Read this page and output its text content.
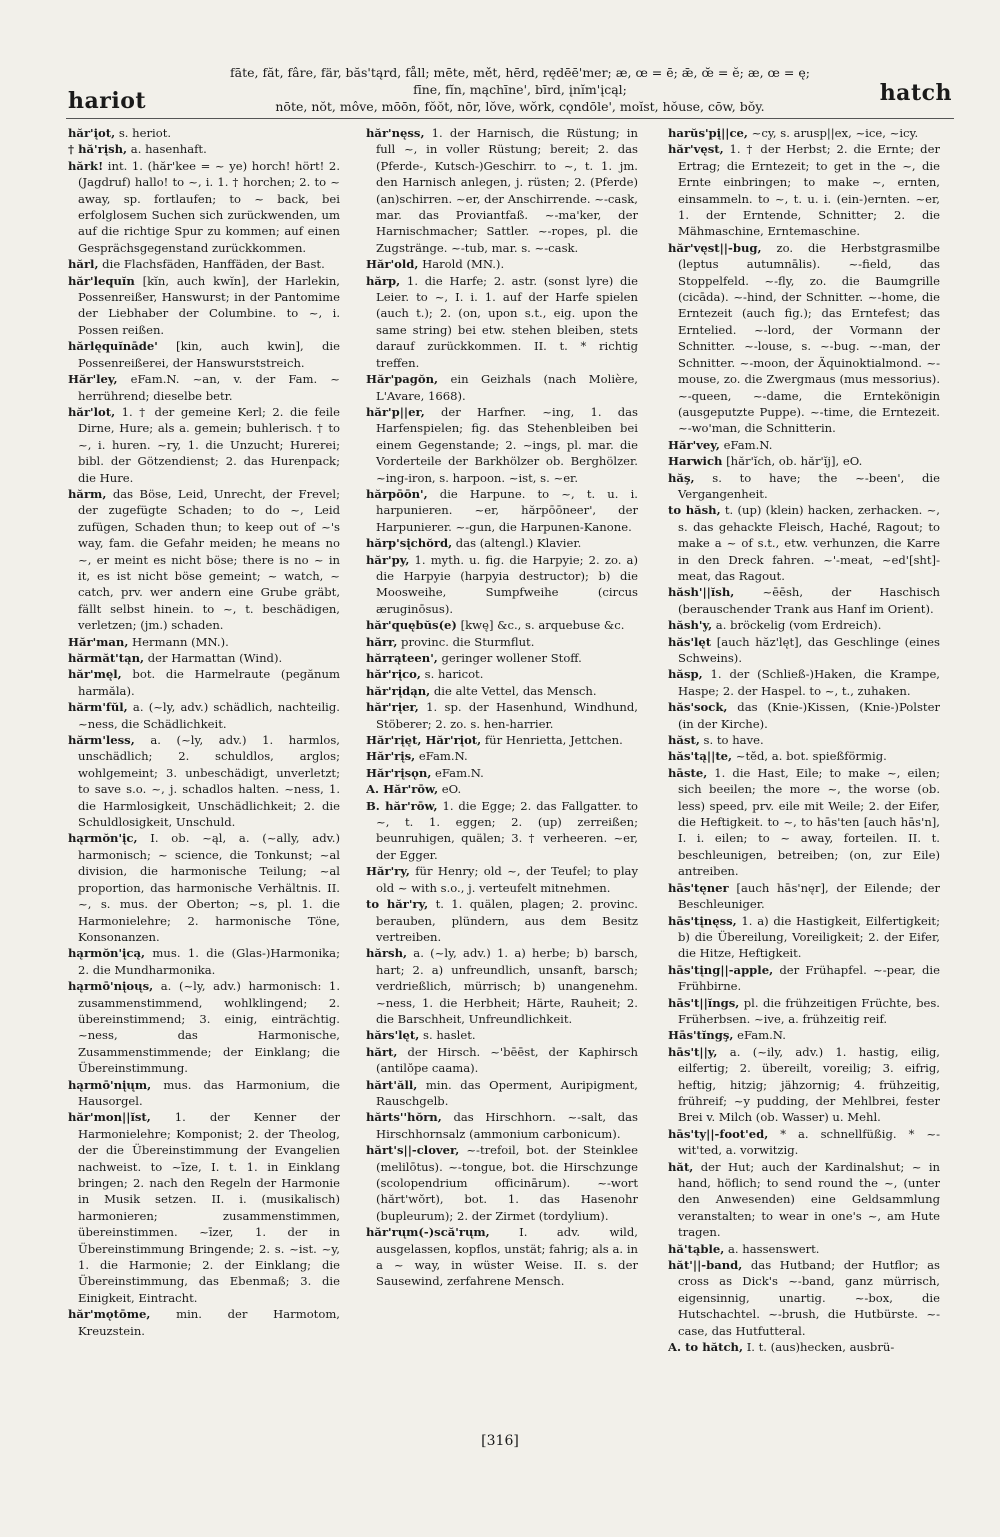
hariot
fāte, făt, fâre, fär, băs'tąrd, fåll; mēte, mět, hērd, rędēē'mer; æ, œ = ē; ǣ, œ̆ = ĕ; æ, œ = ę;
fīne, fĭn, mąchīne', bīrd, įnĭm'įcąl;
nōte, nŏt, môve, mōōn, fŏŏt, nōr, lŏve, wŏrk, cǫndōle', moĭst, hŏuse, cōw, bŏy.
hatch

hăr'įot, s. heriot.

† hă'rįsh, a. hasenhaft.

hărk! int. 1. (hăr'kee = ~ ye) horch! hört! 2. (Jagdruf) hallo! to ~, i. 1. † horchen; 2. to ~ away, sp. fortlaufen; to ~ back, bei erfolglosem Suchen sich zurückwenden, um auf die richtige Spur zu kommen; auf einen Gesprächsgegenstand zurückkommen.

hărl, die Flachsfäden, Hanffäden, der Bast.

hăr'lequĭn [kĭn, auch kwĭn], der Harlekin, Possenreißer, Hanswurst; in der Pantomime der Liebhaber der Columbine. to ~, i. Possen reißen.

hărlęquĭnāde' [kin, auch kwin], die Possenreißerei, der Hanswurststreich.

Hăr'ley, eFam.N. ~an, v. der Fam. ~ herrührend; dieselbe betr.

hăr'lot, 1. † der gemeine Kerl; 2. die feile Dirne, Hure; als a. gemein; buhlerisch. † to ~, i. huren. ~ry, 1. die Unzucht; Hurerei; bibl. der Götzendienst; 2. das Hurenpack; die Hure.

hărm, das Böse, Leid, Unrecht, der Frevel; der zugefügte Schaden; to do ~, Leid zufügen, Schaden thun; to keep out of ~'s way, fam. die Gefahr meiden; he means no ~, er meint es nicht böse; there is no ~ in it, es ist nicht böse gemeint; ~ watch, ~ catch, prv. wer andern eine Grube gräbt, fällt selbst hinein. to ~, t. beschädigen, verletzen; (jm.) schaden.

Hăr'man, Hermann (MN.).

hărmăt'tąn, der Harmattan (Wind).

hăr'męl, bot. die Harmelraute (pegănum harmăla).

hărm'fŭl, a. (~ly, adv.) schädlich, nachteilig. ~ness, die Schädlichkeit.

hărm'less, a. (~ly, adv.) 1. harmlos, unschädlich; 2. schuldlos, arglos; wohlgemeint; 3. unbeschädigt, unverletzt; to save s.o. ~, j. schadlos halten. ~ness, 1. die Harmlosigkeit, Unschädlichkeit; 2. die Schuldlosigkeit, Unschuld.

hąrmŏn'įc, I. ob. ~ąl, a. (~ally, adv.) harmonisch; ~ science, die Tonkunst; ~al division, die harmonische Teilung; ~al proportion, das harmonische Verhältnis. II. ~, s. mus. der Oberton; ~s, pl. 1. die Harmonielehre; 2. harmonische Töne, Konsonanzen.

hąrmŏn'įcą, mus. 1. die (Glas-)Harmonika; 2. die Mundharmonika.

hąrmō'nįoųs, a. (~ly, adv.) harmonisch: 1. zusammenstimmend, wohlklingend; 2. übereinstimmend; 3. einig, einträchtig. ~ness, das Harmonische, Zusammenstimmende; der Einklang; die Übereinstimmung.

hąrmō'nįųm, mus. das Harmonium, die Hausorgel.

hăr'mon||ĭst, 1. der Kenner der Harmonielehre; Komponist; 2. der Theolog, der die Übereinstimmung der Evangelien nachweist. to ~īze, I. t. 1. in Einklang bringen; 2. nach den Regeln der Harmonie in Musik setzen. II. i. (musikalisch) harmonieren; zusammenstimmen, übereinstimmen. ~īzer, 1. der in Übereinstimmung Bringende; 2. s. ~ist. ~y, 1. die Harmonie; 2. der Einklang; die Übereinstimmung, das Ebenmaß; 3. die Einigkeit, Eintracht.

hăr'mǫtōme, min. der Harmotom, Kreuzstein.

hăr'nęss, 1. der Harnisch, die Rüstung; in full ~, in voller Rüstung; bereit; 2. das (Pferde-, Kutsch-)Geschirr. to ~, t. 1. jm. den Harnisch anlegen, j. rüsten; 2. (Pferde) (an)schirren. ~er, der Anschirrende. ~-cask, mar. das Proviantfaß. ~-ma'ker, der Harnischmacher; Sattler. ~-ropes, pl. die Zugstränge. ~-tub, mar. s. ~-cask.

Hăr'old, Harold (MN.).

hărp, 1. die Harfe; 2. astr. (sonst lyre) die Leier. to ~, I. i. 1. auf der Harfe spielen (auch t.); 2. (on, upon s.t., eig. upon the same string) bei etw. stehen bleiben, stets darauf zurückkommen. II. t. * richtig treffen.

Hăr'pagŏn, ein Geizhals (nach Molière, L'Avare, 1668).

hăr'p||er, der Harfner. ~ing, 1. das Harfenspielen; fig. das Stehenbleiben bei einem Gegenstande; 2. ~ings, pl. mar. die Vorderteile der Barkhölzer ob. Berghölzer. ~ing-iron, s. harpoon. ~ist, s. ~er.

hărpōōn', die Harpune. to ~, t. u. i. harpunieren. ~er, hărpōōneer', der Harpunierer. ~-gun, die Harpunen-Kanone.

hărp'sįchŏrd, das (altengl.) Klavier.

hăr'py, 1. myth. u. fig. die Harpyie; 2. zo. a) die Harpyie (harpyia destructor); b) die Moosweihe, Sumpfweihe (circus æruginōsus).

hăr'quębŭs(e) [kwę] &c., s. arquebuse &c.

hărr, provinc. die Sturmflut.

hărrąteen', geringer wollener Stoff.

hăr'rįco, s. haricot.

hăr'rįdąn, die alte Vettel, das Mensch.

hăr'rįer, 1. sp. der Hasenhund, Windhund, Stöberer; 2. zo. s. hen-harrier.

Hăr'rįęt, Hăr'rįot, für Henrietta, Jettchen.

Hăr'rįs, eFam.N.

Hăr'rįsǫn, eFam.N.

A. Hăr'rōw, eO.

B. hăr'rōw, 1. die Egge; 2. das Fallgatter. to ~, t. 1. eggen; 2. (up) zerreißen; beunruhigen, quälen; 3. † verheeren. ~er, der Egger.

Hăr'ry, für Henry; old ~, der Teufel; to play old ~ with s.o., j. verteufelt mitnehmen.

to hăr'ry, t. 1. quälen, plagen; 2. provinc. berauben, plündern, aus dem Besitz vertreiben.

hărsh, a. (~ly, adv.) 1. a) herbe; b) barsch, hart; 2. a) unfreundlich, unsanft, barsch; verdrießlich, mürrisch; b) unangenehm. ~ness, 1. die Herbheit; Härte, Rauheit; 2. die Barschheit, Unfreundlichkeit.

hărs'lęt, s. haslet.

hărt, der Hirsch. ~'bēēst, der Kaphirsch (antilŏpe caama).

hărt'ăll, min. das Operment, Auripigment, Rauschgelb.

hărts''hŏrn, das Hirschhorn. ~-salt, das Hirschhornsalz (ammonium carbonicum).

hărt's||-clover, ~-trefoil, bot. der Steinklee (melilōtus). ~-tongue, bot. die Hirschzunge (scolopendrium officinārum). ~-wort (hărt'wŏrt), bot. 1. das Hasenohr (bupleurum); 2. der Zirmet (tordylium).

hăr'rųm(-)scă'rųm, I. adv. wild, ausgelassen, kopflos, unstät; fahrig; als a. in a ~ way, in wüster Weise. II. s. der Sausewind, zerfahrene Mensch.

harŭs'pį||ce, ~cy, s. arusp||ex, ~ice, ~icy.

hăr'vęst, 1. † der Herbst; 2. die Ernte; der Ertrag; die Erntezeit; to get in the ~, die Ernte einbringen; to make ~, ernten, einsammeln. to ~, t. u. i. (ein-)ernten. ~er, 1. der Erntende, Schnitter; 2. die Mähmaschine, Erntemaschine.

hăr'vęst||-bug, zo. die Herbstgrasmilbe (leptus autumnālis). ~-field, das Stoppelfeld. ~-fly, zo. die Baumgrille (cicāda). ~-hind, der Schnitter. ~-home, die Erntezeit (auch fig.); das Erntefest; das Erntelied. ~-lord, der Vormann der Schnitter. ~-louse, s. ~-bug. ~-man, der Schnitter. ~-moon, der Äquinoktialmond. ~-mouse, zo. die Zwergmaus (mus messorius). ~-queen, ~-dame, die Erntekönigin (ausgeputzte Puppe). ~-time, die Erntezeit. ~-wo'man, die Schnitterin.

Hăr'vey, eFam.N.

Harwich [hăr'ĭch, ob. hăr'ĭj], eO.

hăş, s. to have; the ~-been', die Vergangenheit.

to hăsh, t. (up) (klein) hacken, zerhacken. ~, s. das gehackte Fleisch, Haché, Ragout; to make a ~ of s.t., etw. verhunzen, die Karre in den Dreck fahren. ~'-meat, ~ed'[sht]-meat, das Ragout.

hăsh'||ĭsh, ~ēēsh, der Haschisch (berauschender Trank aus Hanf im Orient).

hăsh'y, a. bröckelig (vom Erdreich).

hăs'lęt [auch hăz'lęt], das Geschlinge (eines Schweins).

hăsp, 1. der (Schließ-)Haken, die Krampe, Haspe; 2. der Haspel. to ~, t., zuhaken.

hăs'sock, das (Knie-)Kissen, (Knie-)Polster (in der Kirche).

hăst, s. to have.

hăs'tą||te, ~tĕd, a. bot. spießförmig.

hāste, 1. die Hast, Eile; to make ~, eilen; sich beeilen; the more ~, the worse (ob. less) speed, prv. eile mit Weile; 2. der Eifer, die Heftigkeit. to ~, to hās'ten [auch hās'n], I. i. eilen; to ~ away, forteilen. II. t. beschleunigen, betreiben; (on, zur Eile) antreiben.

hās'tęner [auch hās'nęr], der Eilende; der Beschleuniger.

hās'tįnęss, 1. a) die Hastigkeit, Eilfertigkeit; b) die Übereilung, Voreiligkeit; 2. der Eifer, die Hitze, Heftigkeit.

hās'tįng||-apple, der Frühapfel. ~-pear, die Frühbirne.

hās't||ĭngs, pl. die frühzeitigen Früchte, bes. Früherbsen. ~ive, a. frühzeitig reif.

Hās'tĭngş, eFam.N.

hās't||y, a. (~ily, adv.) 1. hastig, eilig, eilfertig; 2. übereilt, voreilig; 3. eifrig, heftig, hitzig; jähzornig; 4. frühzeitig, frühreif; ~y pudding, der Mehlbrei, fester Brei v. Milch (ob. Wasser) u. Mehl.

hās'ty||-foot'ed, * a. schnellfüßig. * ~-wit'ted, a. vorwitzig.

hăt, der Hut; auch der Kardinalshut; ~ in hand, höflich; to send round the ~, (unter den Anwesenden) eine Geldsammlung veranstalten; to wear in one's ~, am Hute tragen.

hă'tąble, a. hassenswert.

hăt'||-band, das Hutband; der Hutflor; as cross as Dick's ~-band, ganz mürrisch, eigensinnig, unartig. ~-box, die Hutschachtel. ~-brush, die Hutbürste. ~-case, das Hutfutteral.

A. to hătch, I. t. (aus)hecken, ausbrü-

[316]
